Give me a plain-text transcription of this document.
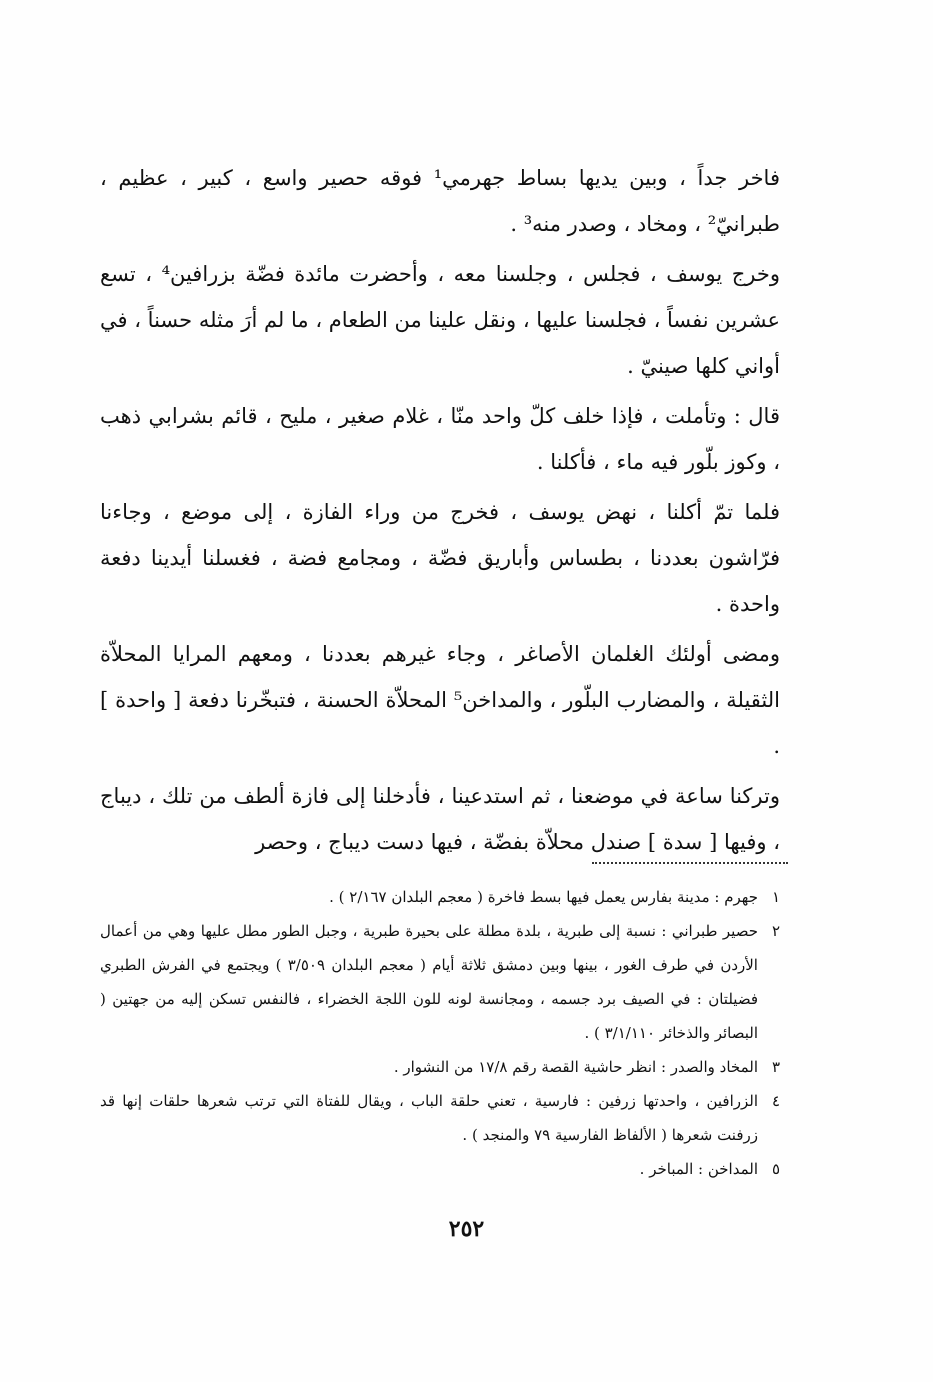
فاخر جداً ، وبين يديها بساط جهرمي¹ فوقه حصير واسع ، كبير ، عظيم ، طبرانيّ² ، ومخاد ، وصدر منه³ .

وخرج يوسف ، فجلس ، وجلسنا معه ، وأحضرت مائدة فضّة بزرافين⁴ ، تسع عشرين نفساً ، فجلسنا عليها ، ونقل علينا من الطعام ، ما لم أرَ مثله حسناً ، في أواني كلها صينيّ .

قال : وتأملت ، فإذا خلف كلّ واحد منّا ، غلام صغير ، مليح ، قائم بشرابي ذهب ، وكوز بلّور فيه ماء ، فأكلنا .

فلما تمّ أكلنا ، نهض يوسف ، فخرج من وراء الفازة ، إلى موضع ، وجاءنا فرّاشون بعددنا ، بطساس وأباريق فضّة ، ومجامع فضة ، فغسلنا أيدينا دفعة واحدة .

ومضى أولئك الغلمان الأصاغر ، وجاء غيرهم بعددنا ، ومعهم المرايا المحلاّة الثقيلة ، والمضارب البلّور ، والمداخن⁵ المحلاّة الحسنة ، فتبخّرنا دفعة [ واحدة ] .

وتركنا ساعة في موضعنا ، ثم استدعينا ، فأدخلنا إلى فازة ألطف من تلك ، ديباج ، وفيها [ سدة ] صندل محلاّة بفضّة ، فيها دست ديباج ، وحصر

١
جهرم : مدينة بفارس يعمل فيها بسط فاخرة ( معجم البلدان ٢/١٦٧ ) .
٢
حصير طبراني : نسبة إلى طبرية ، بلدة مطلة على بحيرة طبرية ، وجبل الطور مطل عليها وهي من أعمال الأردن في طرف الغور ، بينها وبين دمشق ثلاثة أيام ( معجم البلدان ٣/٥٠٩ ) ويجتمع في الفرش الطبري فضيلتان : في الصيف برد جسمه ، ومجانسة لونه للون اللجة الخضراء ، فالنفس تسكن إليه من جهتين ( البصائر والذخائر ٣/١/١١٠ ) .
٣
المخاد والصدر : انظر حاشية القصة رقم ١٧/٨ من النشوار .
٤
الزرافين ، واحدتها زرفين : فارسية ، تعني حلقة الباب ، ويقال للفتاة التي ترتب شعرها حلقات إنها قد زرفنت شعرها ( الألفاظ الفارسية ٧٩ والمنجد ) .
٥
المداخن : المباخر .
٢٥٢
